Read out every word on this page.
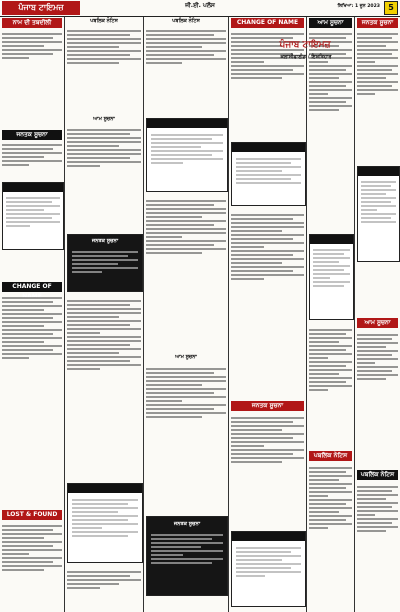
ਪੰਜਾਬ ਟਾਇਮਜ਼	ਜੀ.ਈ. ਪਲੱਸ	ਲਿਖਿਆ: 1 ਜੂਨ 2023	5
ਨਾਮ ਦੀ ਤਬਦੀਲੀ
ਜਨਤਕ ਸੂਚਨਾ
CHANGE OF
LOST & FOUND
ਪਬਲਿਕ ਨੋਟਿਸ
ਆਮ ਸੂਚਨਾ
ਜਨਤਕ ਸੂਚਨਾ
ਪਬਲਿਕ ਨੋਟਿਸ
ਆਮ ਸੂਚਨਾ
ਜਨਤਕ ਸੂਚਨਾ
CHANGE OF NAME
ਜਨਤਕ ਸੂਚਨਾ
ਆਮ ਸੂਚਨਾ
ਪਬਲਿਕ ਨੋਟਿਸ
ਜਨਤਕ ਸੂਚਨਾ
ਆਮ ਸੂਚਨਾ
ਪਬਲਿਕ ਨੋਟਿਸ
ਪੰਜਾਬ ਟਾਇਮਜ਼
ਕਲਾਸੀਫਾਈਡ / ਇਸ਼ਤਿਹਾਰ
